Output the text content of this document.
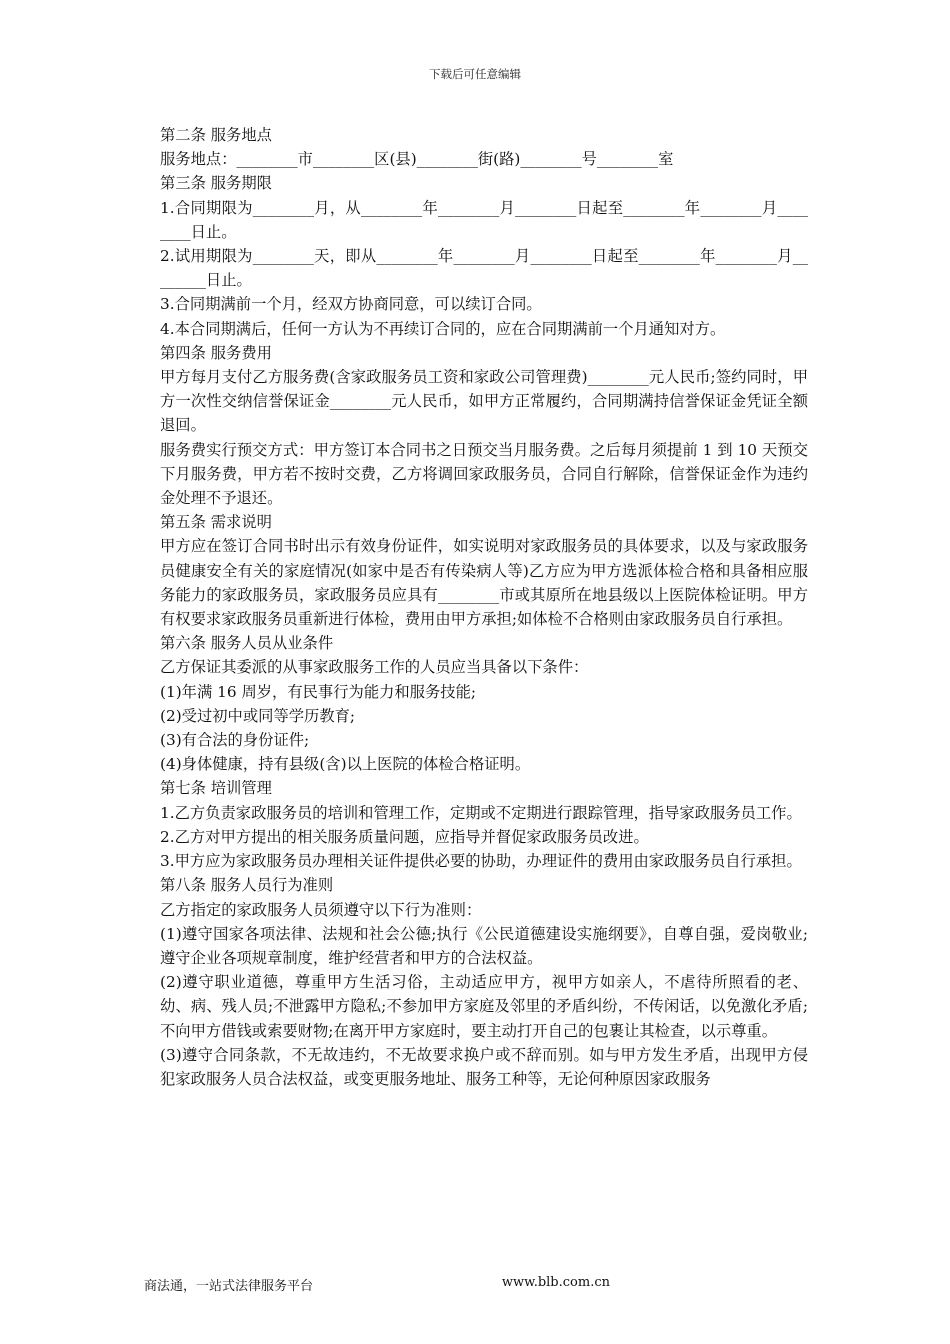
下载后可任意编辑

第二条 服务地点

服务地点：________市________区(县)________街(路)________号________室

第三条 服务期限

1.合同期限为________月，从________年________月________日起至________年________月________日止。

2.试用期限为________天，即从________年________月________日起至________年________月________日止。

3.合同期满前一个月，经双方协商同意，可以续订合同。

4.本合同期满后，任何一方认为不再续订合同的，应在合同期满前一个月通知对方。

第四条 服务费用

甲方每月支付乙方服务费(含家政服务员工资和家政公司管理费)________元人民币;签约同时，甲方一次性交纳信誉保证金________元人民币，如甲方正常履约，合同期满持信誉保证金凭证全额退回。

服务费实行预交方式：甲方签订本合同书之日预交当月服务费。之后每月须提前 1 到 10 天预交下月服务费，甲方若不按时交费，乙方将调回家政服务员，合同自行解除，信誉保证金作为违约金处理不予退还。

第五条 需求说明

甲方应在签订合同书时出示有效身份证件，如实说明对家政服务员的具体要求，以及与家政服务员健康安全有关的家庭情况(如家中是否有传染病人等)乙方应为甲方选派体检合格和具备相应服务能力的家政服务员，家政服务员应具有________市或其原所在地县级以上医院体检证明。甲方有权要求家政服务员重新进行体检，费用由甲方承担;如体检不合格则由家政服务员自行承担。

第六条 服务人员从业条件

乙方保证其委派的从事家政服务工作的人员应当具备以下条件：

(1)年满 16 周岁，有民事行为能力和服务技能;

(2)受过初中或同等学历教育;

(3)有合法的身份证件;

(4)身体健康，持有县级(含)以上医院的体检合格证明。

第七条 培训管理

1.乙方负责家政服务员的培训和管理工作，定期或不定期进行跟踪管理，指导家政服务员工作。

2.乙方对甲方提出的相关服务质量问题，应指导并督促家政服务员改进。

3.甲方应为家政服务员办理相关证件提供必要的协助，办理证件的费用由家政服务员自行承担。

第八条 服务人员行为准则

乙方指定的家政服务人员须遵守以下行为准则：

(1)遵守国家各项法律、法规和社会公德;执行《公民道德建设实施纲要》，自尊自强，爱岗敬业;遵守企业各项规章制度，维护经营者和甲方的合法权益。

(2)遵守职业道德，尊重甲方生活习俗，主动适应甲方，视甲方如亲人，不虐待所照看的老、幼、病、残人员;不泄露甲方隐私;不参加甲方家庭及邻里的矛盾纠纷，不传闲话，以免激化矛盾;不向甲方借钱或索要财物;在离开甲方家庭时，要主动打开自己的包裹让其检查，以示尊重。

(3)遵守合同条款，不无故违约，不无故要求换户或不辞而别。如与甲方发生矛盾，出现甲方侵犯家政服务人员合法权益，或变更服务地址、服务工种等，无论何种原因家政服务

商法通，一站式法律服务平台	www.blb.com.cn
